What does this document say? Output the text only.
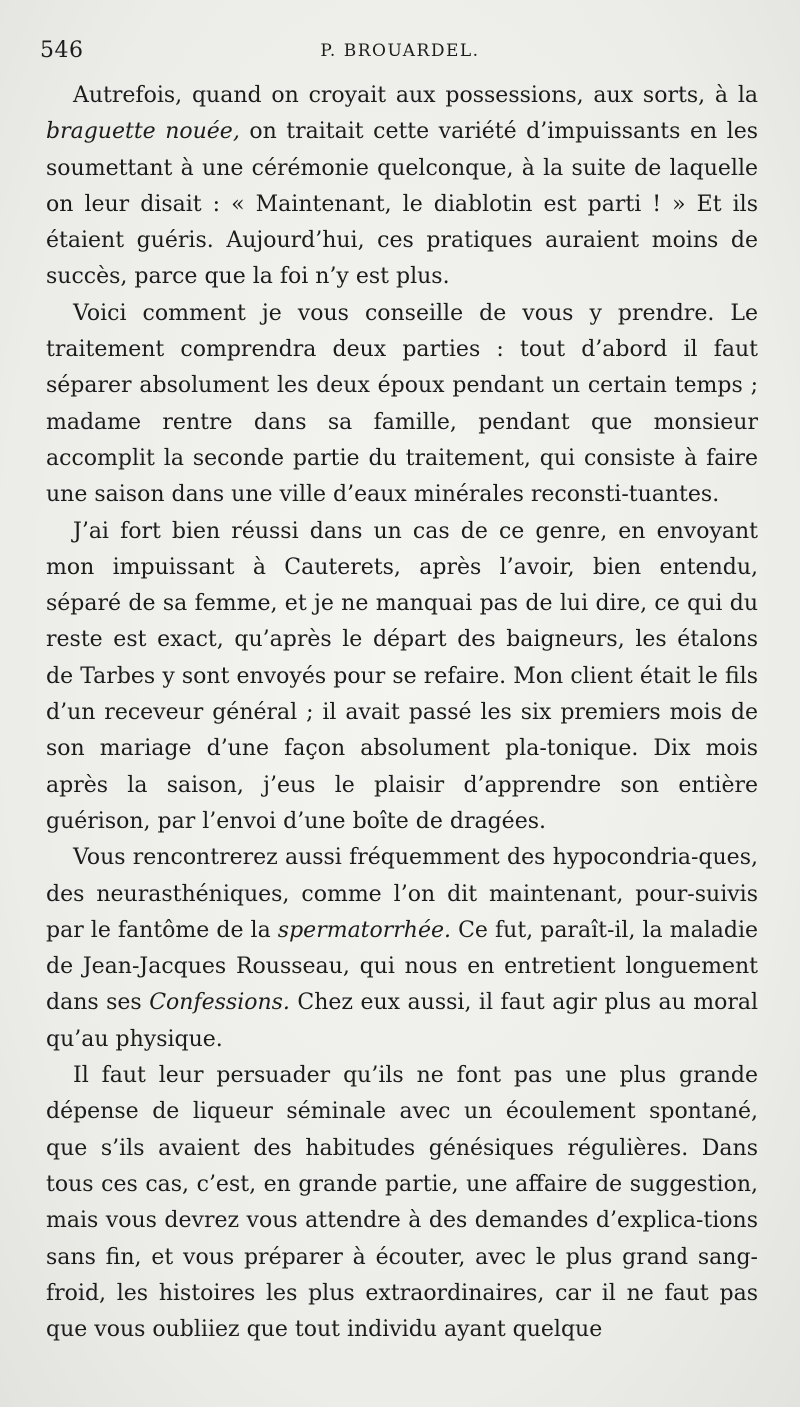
546	P. BROUARDEL.

Autrefois, quand on croyait aux possessions, aux sorts, à la braguette nouée, on traitait cette variété d’impuissants en les soumettant à une cérémonie quelconque, à la suite de laquelle on leur disait : « Maintenant, le diablotin est parti ! » Et ils étaient guéris. Aujourd’hui, ces pratiques auraient moins de succès, parce que la foi n’y est plus.

Voici comment je vous conseille de vous y prendre. Le traitement comprendra deux parties : tout d’abord il faut séparer absolument les deux époux pendant un certain temps ; madame rentre dans sa famille, pendant que monsieur accomplit la seconde partie du traitement, qui consiste à faire une saison dans une ville d’eaux minérales reconsti-tuantes.

J’ai fort bien réussi dans un cas de ce genre, en envoyant mon impuissant à Cauterets, après l’avoir, bien entendu, séparé de sa femme, et je ne manquai pas de lui dire, ce qui du reste est exact, qu’après le départ des baigneurs, les étalons de Tarbes y sont envoyés pour se refaire. Mon client était le fils d’un receveur général ; il avait passé les six premiers mois de son mariage d’une façon absolument pla-tonique. Dix mois après la saison, j’eus le plaisir d’apprendre son entière guérison, par l’envoi d’une boîte de dragées.

Vous rencontrerez aussi fréquemment des hypocondria-ques, des neurasthéniques, comme l’on dit maintenant, pour-suivis par le fantôme de la spermatorrhée. Ce fut, paraît-il, la maladie de Jean-Jacques Rousseau, qui nous en entretient longuement dans ses Confessions. Chez eux aussi, il faut agir plus au moral qu’au physique.

Il faut leur persuader qu’ils ne font pas une plus grande dépense de liqueur séminale avec un écoulement spontané, que s’ils avaient des habitudes génésiques régulières. Dans tous ces cas, c’est, en grande partie, une affaire de suggestion, mais vous devrez vous attendre à des demandes d’explica-tions sans fin, et vous préparer à écouter, avec le plus grand sang-froid, les histoires les plus extraordinaires, car il ne faut pas que vous oubliiez que tout individu ayant quelque
